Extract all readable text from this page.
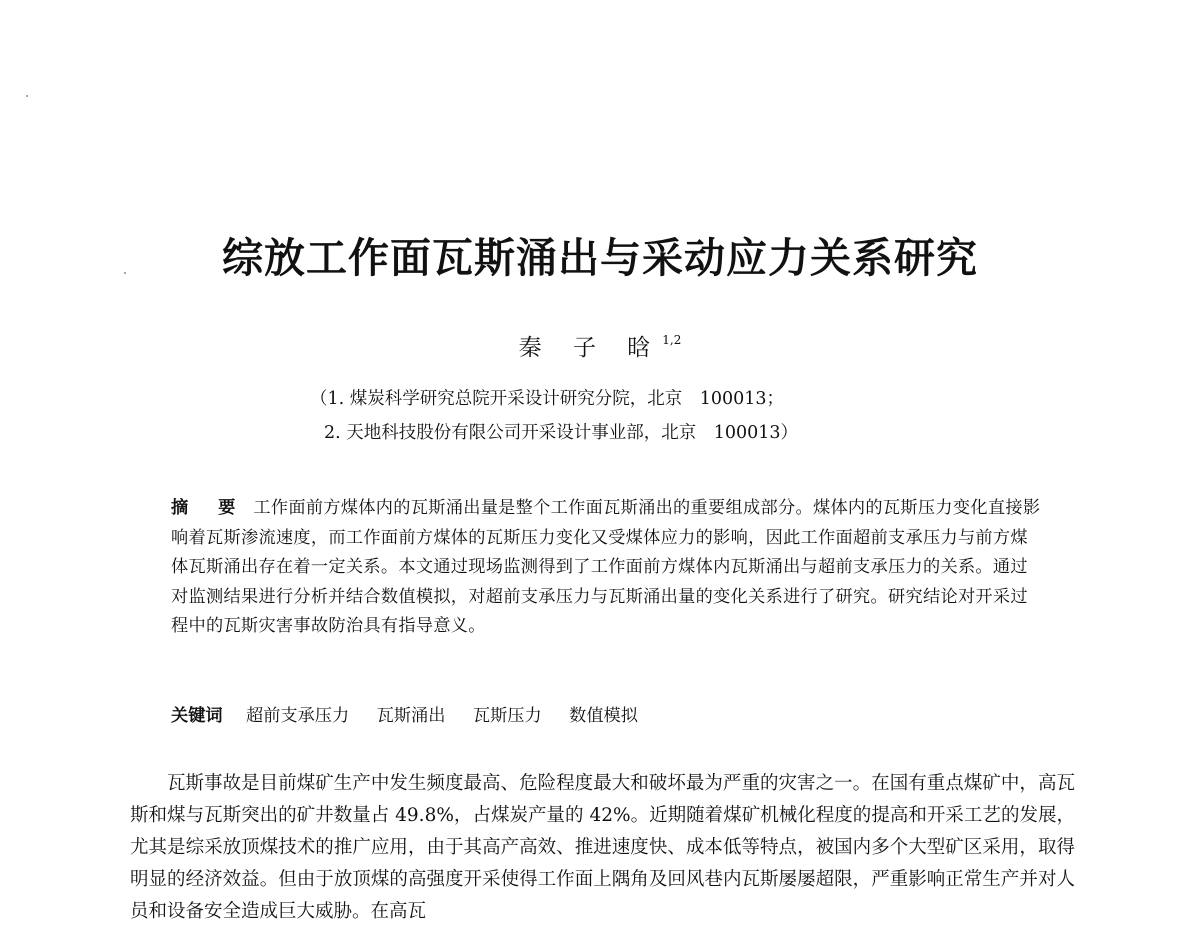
综放工作面瓦斯涌出与采动应力关系研究
秦 子 晗$^{1,2}$
（1. 煤炭科学研究总院开采设计研究分院，北京　100013；
2. 天地科技股份有限公司开采设计事业部，北京　100013）
摘 要 工作面前方煤体内的瓦斯涌出量是整个工作面瓦斯涌出的重要组成部分。煤体内的瓦斯压力变化直接影响着瓦斯渗流速度，而工作面前方煤体的瓦斯压力变化又受煤体应力的影响，因此工作面超前支承压力与前方煤体瓦斯涌出存在着一定关系。本文通过现场监测得到了工作面前方煤体内瓦斯涌出与超前支承压力的关系。通过对监测结果进行分析并结合数值模拟，对超前支承压力与瓦斯涌出量的变化关系进行了研究。研究结论对开采过程中的瓦斯灾害事故防治具有指导意义。
关键词 超前支承压力 瓦斯涌出 瓦斯压力 数值模拟
瓦斯事故是目前煤矿生产中发生频度最高、危险程度最大和破坏最为严重的灾害之一。在国有重点煤矿中，高瓦斯和煤与瓦斯突出的矿井数量占 49.8%，占煤炭产量的 42%。近期随着煤矿机械化程度的提高和开采工艺的发展，尤其是综采放顶煤技术的推广应用，由于其高产高效、推进速度快、成本低等特点，被国内多个大型矿区采用，取得明显的经济效益。但由于放顶煤的高强度开采使得工作面上隅角及回风巷内瓦斯屡屡超限，严重影响正常生产并对人员和设备安全造成巨大威胁。在高瓦
